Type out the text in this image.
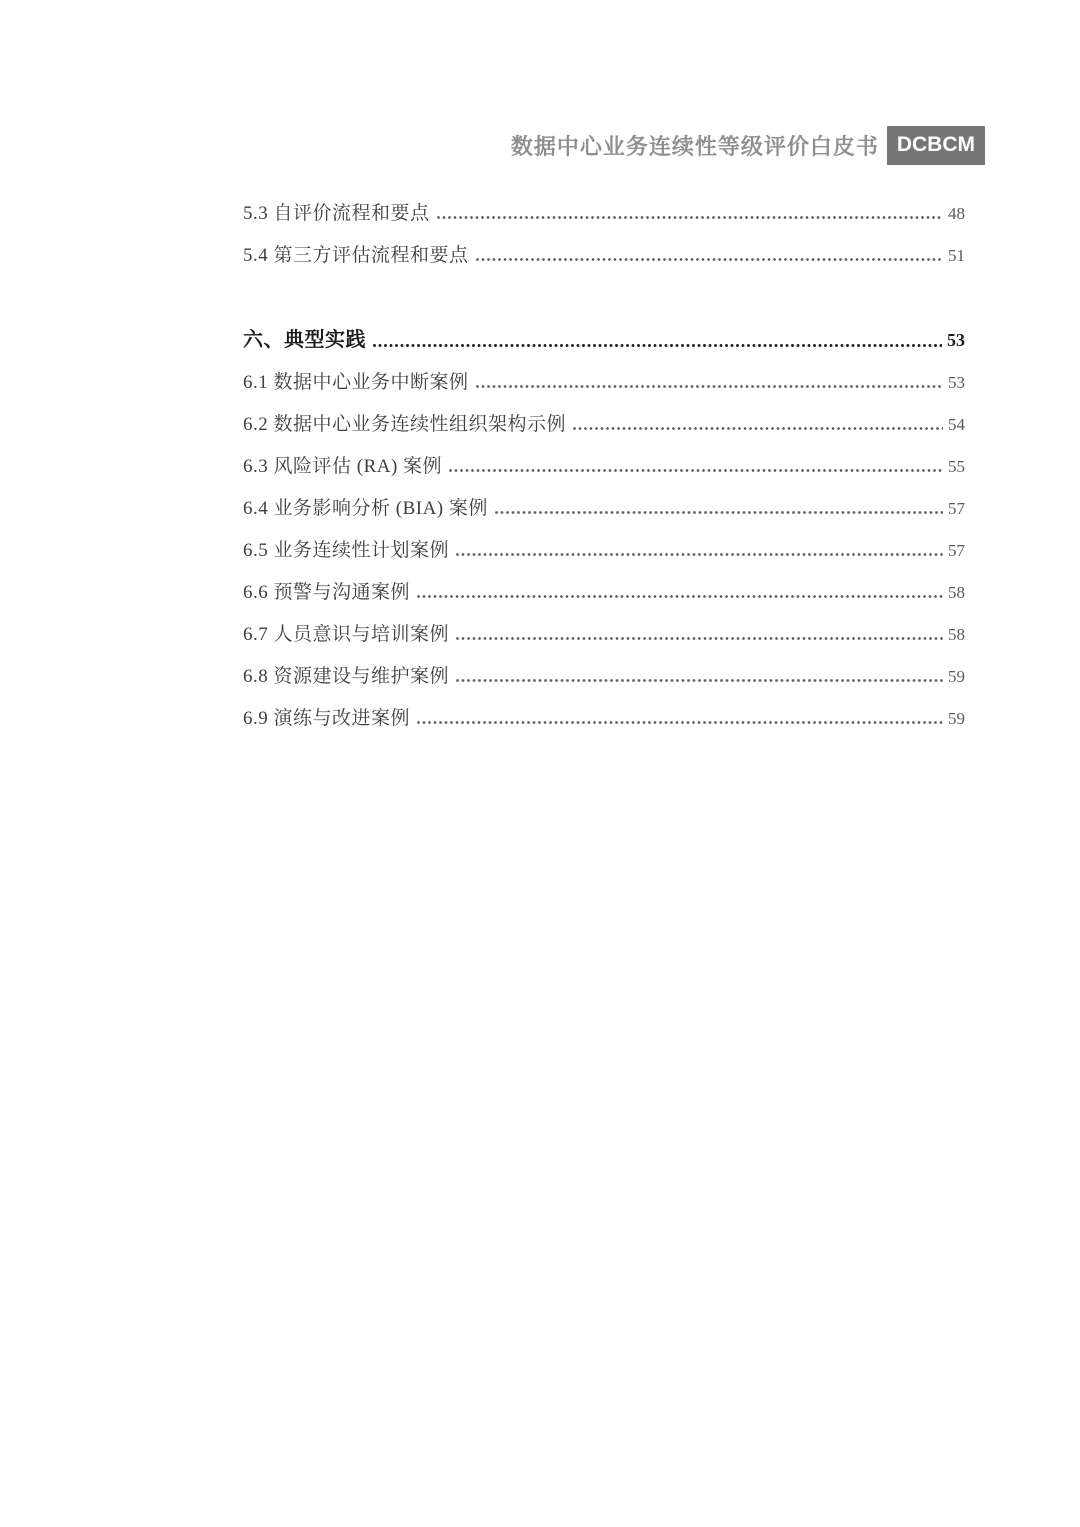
数据中心业务连续性等级评价白皮书 DCBCM
5.3 自评价流程和要点	48
5.4 第三方评估流程和要点	51
六、典型实践	53
6.1 数据中心业务中断案例	53
6.2 数据中心业务连续性组织架构示例	54
6.3 风险评估 (RA) 案例	55
6.4 业务影响分析 (BIA) 案例	57
6.5 业务连续性计划案例	57
6.6 预警与沟通案例	58
6.7 人员意识与培训案例	58
6.8 资源建设与维护案例	59
6.9 演练与改进案例	59
